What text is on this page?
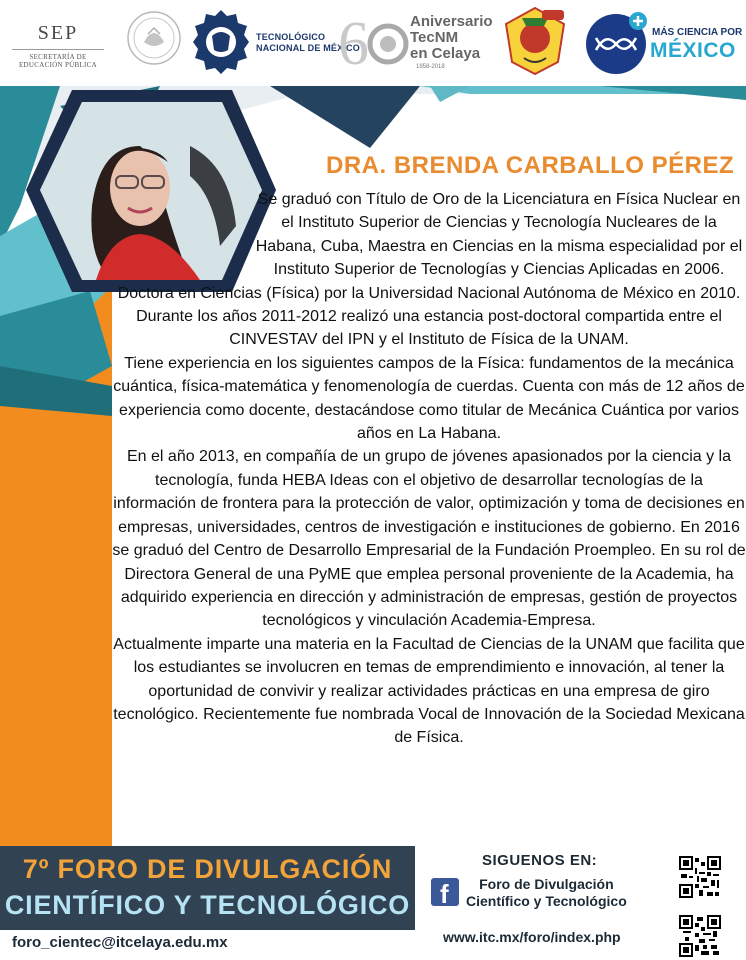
SEP
SECRETARÍA DE
EDUCACIÓN PÚBLICA
TECNOLÓGICO
NACIONAL DE MÉXICO
6	Aniversario
TecNM
en Celaya
1958-2018
MÁS CIENCIA POR
MÉXICO
DRA. BRENDA CARBALLO PÉREZ

Se graduó con Título de Oro de la Licenciatura en Física Nuclear en el Instituto Superior de Ciencias y Tecnología Nucleares de la Habana, Cuba, Maestra en Ciencias en la misma especialidad por el Instituto Superior de Tecnologías y Ciencias Aplicadas en 2006.

Doctora en Ciencias (Física) por la Universidad Nacional Autónoma de México en 2010. Durante los años 2011-2012 realizó una estancia post-doctoral compartida entre el CINVESTAV del IPN y el Instituto de Física de la UNAM.

Tiene experiencia en los siguientes campos de la Física: fundamentos de la mecánica cuántica, física-matemática y fenomenología de cuerdas. Cuenta con más de 12 años de experiencia como docente, destacándose como titular de Mecánica Cuántica por varios años en La Habana.

En el año 2013, en compañía de un grupo de jóvenes apasionados por la ciencia y la tecnología, funda HEBA Ideas con el objetivo de desarrollar tecnologías de la información de frontera para la protección de valor, optimización y toma de decisiones en empresas, universidades, centros de investigación e instituciones de gobierno. En 2016 se graduó del Centro de Desarrollo Empresarial de la Fundación Proempleo. En su rol de Directora General de una PyME que emplea personal proveniente de la Academia, ha adquirido experiencia en dirección y administración de empresas, gestión de proyectos tecnológicos y vinculación Academia-Empresa.

Actualmente imparte una materia en la Facultad de Ciencias de la UNAM que facilita que los estudiantes se involucren en temas de emprendimiento e innovación, al tener la oportunidad de convivir y realizar actividades prácticas en una empresa de giro tecnológico. Recientemente fue nombrada Vocal de Innovación de la Sociedad Mexicana de Física.

7º FORO DE DIVULGACIÓN
CIENTÍFICO Y TECNOLÓGICO
foro_cientec@itcelaya.edu.mx
SIGUENOS EN:
f	Foro de Divulgación
Científico y Tecnológico
www.itc.mx/foro/index.php
